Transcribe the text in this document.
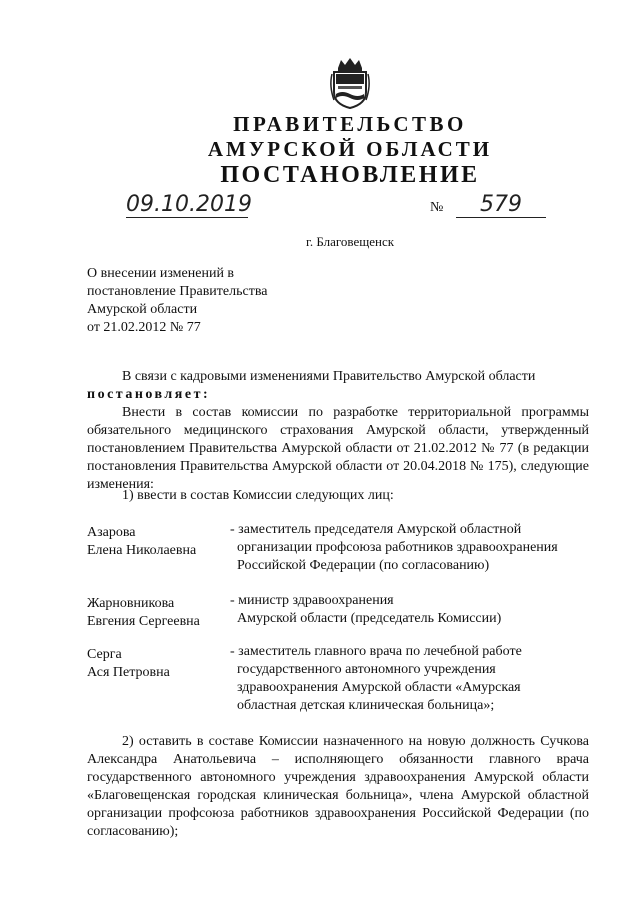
ПРАВИТЕЛЬСТВО
АМУРСКОЙ ОБЛАСТИ
ПОСТАНОВЛЕНИЕ
09.10.2019	№	579
г. Благовещенск
О внесении изменений в
постановление Правительства
Амурской области
от 21.02.2012 № 77
В связи с кадровыми изменениями Правительство Амурской области
постановляет:
Внести в состав комиссии по разработке территориальной программы обязательного медицинского страхования Амурской области, утвержденный постановлением Правительства Амурской области от 21.02.2012 № 77 (в редакции постановления Правительства Амурской области от 20.04.2018 № 175), следующие изменения:
1) ввести в состав Комиссии следующих лиц:
Азарова
Елена Николаевна
- заместитель председателя Амурской областной
организации профсоюза работников здравоохранения
Российской Федерации (по согласованию)
Жарновникова
Евгения Сергеевна
- министр здравоохранения
Амурской области (председатель Комиссии)
Серга
Ася Петровна
- заместитель главного врача по лечебной работе
государственного автономного учреждения
здравоохранения Амурской области «Амурская
областная детская клиническая больница»;
2) оставить в составе Комиссии назначенного на новую должность Сучкова Александра Анатольевича – исполняющего обязанности главного врача государственного автономного учреждения здравоохранения Амурской области «Благовещенская городская клиническая больница», члена Амурской областной организации профсоюза работников здравоохранения Российской Федерации (по согласованию);
